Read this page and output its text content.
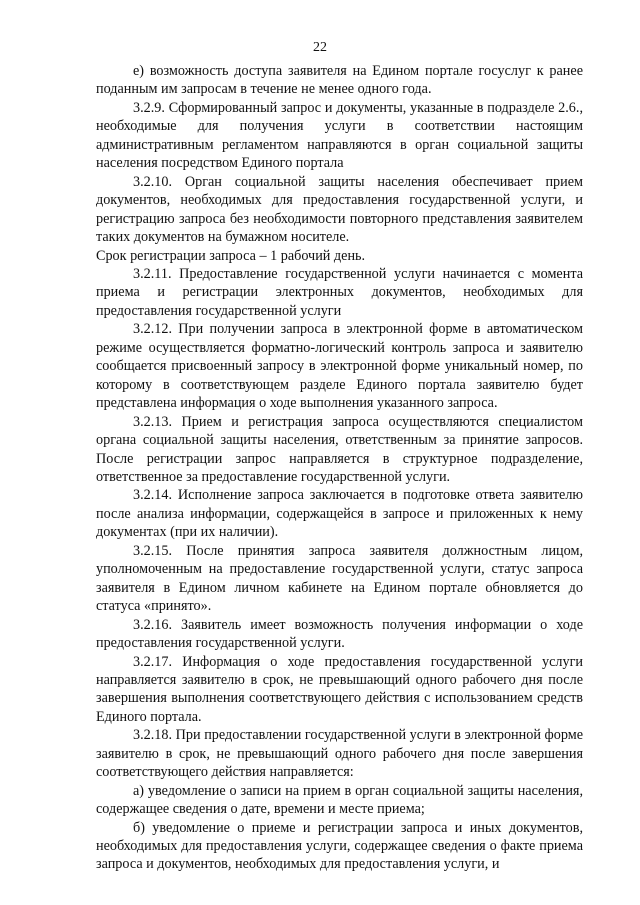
22

е) возможность доступа заявителя на Едином портале госуслуг к ранее поданным им запросам в течение не менее одного года.

3.2.9. Сформированный запрос и документы, указанные в подразделе 2.6., необходимые для получения услуги в соответствии настоящим административным регламентом направляются в орган социальной защиты населения посредством Единого портала

3.2.10. Орган социальной защиты населения обеспечивает прием документов, необходимых для предоставления государственной услуги, и регистрацию запроса без необходимости повторного представления заявителем таких документов на бумажном носителе.

Срок регистрации запроса – 1 рабочий день.

3.2.11. Предоставление государственной услуги начинается с момента приема и регистрации электронных документов, необходимых для предоставления государственной услуги

3.2.12. При получении запроса в электронной форме в автоматическом режиме осуществляется форматно-логический контроль запроса и заявителю сообщается присвоенный запросу в электронной форме уникальный номер, по которому в соответствующем разделе Единого портала заявителю будет представлена информация о ходе выполнения указанного запроса.

3.2.13. Прием и регистрация запроса осуществляются специалистом органа социальной защиты населения, ответственным за принятие запросов. После регистрации запрос направляется в структурное подразделение, ответственное за предоставление государственной услуги.

3.2.14. Исполнение запроса заключается в подготовке ответа заявителю после анализа информации, содержащейся в запросе и приложенных к нему документах (при их наличии).

3.2.15. После принятия запроса заявителя должностным лицом, уполномоченным на предоставление государственной услуги, статус запроса заявителя в Едином личном кабинете на Едином портале обновляется до статуса «принято».

3.2.16. Заявитель имеет возможность получения информации о ходе предоставления государственной услуги.

3.2.17. Информация о ходе предоставления государственной услуги направляется заявителю в срок, не превышающий одного рабочего дня после завершения выполнения соответствующего действия с использованием средств Единого портала.

3.2.18. При предоставлении государственной услуги в электронной форме заявителю в срок, не превышающий одного рабочего дня после завершения соответствующего действия направляется:

а) уведомление о записи на прием в орган социальной защиты населения, содержащее сведения о дате, времени и месте приема;

б) уведомление о приеме и регистрации запроса и иных документов, необходимых для предоставления услуги, содержащее сведения о факте приема запроса и документов, необходимых для предоставления услуги, и
